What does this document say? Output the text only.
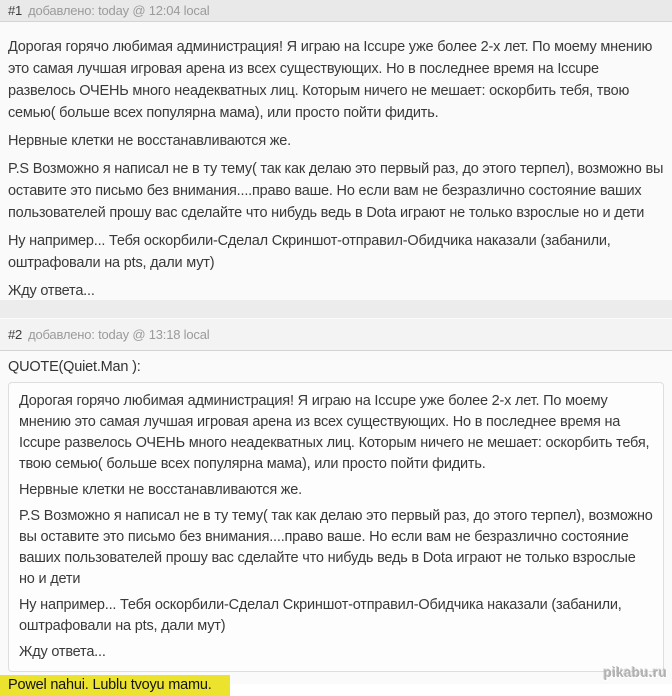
#1 добавлено: today @ 12:04 local

Дорогая горячо любимая администрация! Я играю на Iccupe уже более 2-х лет. По моему мнению это самая лучшая игровая арена из всех существующих. Но в последнее время на Iccupe развелось ОЧЕНЬ много неадекватных лиц. Которым ничего не мешает: оскорбить тебя, твою семью( больше всех популярна мама), или просто пойти фидить.

Нервные клетки не восстанавливаются же.

P.S Возможно я написал не в ту тему( так как делаю это первый раз, до этого терпел), возможно вы оставите это письмо без внимания....право ваше. Но если вам не безразлично состояние ваших пользователей прошу вас сделайте что нибудь ведь в Dota играют не только взрослые но и дети

Ну например... Тебя оскорбили-Сделал Скриншот-отправил-Обидчика наказали (забанили, оштрафовали на pts, дали мут)

Жду ответа...

#2 добавлено: today @ 13:18 local
QUOTE(Quiet.Man ):

Дорогая горячо любимая администрация! Я играю на Iccupe уже более 2-х лет. По моему мнению это самая лучшая игровая арена из всех существующих. Но в последнее время на Iccupe развелось ОЧЕНЬ много неадекватных лиц. Которым ничего не мешает: оскорбить тебя, твою семью( больше всех популярна мама), или просто пойти фидить.

Нервные клетки не восстанавливаются же.

P.S Возможно я написал не в ту тему( так как делаю это первый раз, до этого терпел), возможно вы оставите это письмо без внимания....право ваше. Но если вам не безразлично состояние ваших пользователей прошу вас сделайте что нибудь ведь в Dota играют не только взрослые но и дети

Ну например... Тебя оскорбили-Сделал Скриншот-отправил-Обидчика наказали (забанили, оштрафовали на pts, дали мут)

Жду ответа...

Powel nahui. Lublu tvoyu mamu.
pikabu.ru
